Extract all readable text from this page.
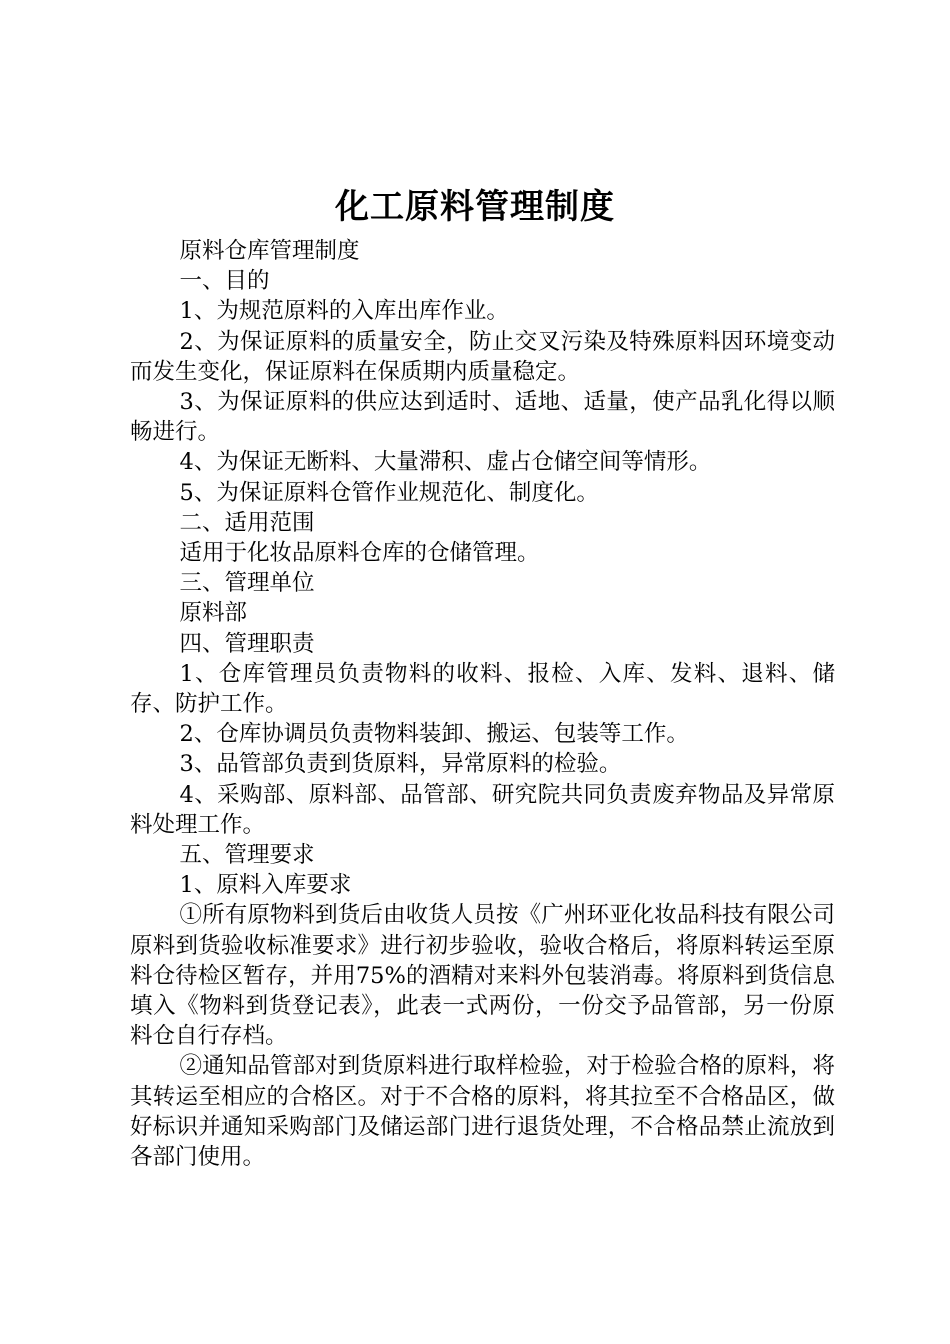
化工原料管理制度

原料仓库管理制度

一、目的

1、为规范原料的入库出库作业。

2、为保证原料的质量安全，防止交叉污染及特殊原料因环境变动而发生变化，保证原料在保质期内质量稳定。

3、为保证原料的供应达到适时、适地、适量，使产品乳化得以顺畅进行。

4、为保证无断料、大量滞积、虚占仓储空间等情形。

5、为保证原料仓管作业规范化、制度化。

二、适用范围

适用于化妆品原料仓库的仓储管理。

三、管理单位

原料部

四、管理职责

1、仓库管理员负责物料的收料、报检、入库、发料、退料、储存、防护工作。

2、仓库协调员负责物料装卸、搬运、包装等工作。

3、品管部负责到货原料，异常原料的检验。

4、采购部、原料部、品管部、研究院共同负责废弃物品及异常原料处理工作。

五、管理要求

1、原料入库要求

①所有原物料到货后由收货人员按《广州环亚化妆品科技有限公司原料到货验收标准要求》进行初步验收，验收合格后，将原料转运至原料仓待检区暂存，并用75%的酒精对来料外包装消毒。将原料到货信息填入《物料到货登记表》，此表一式两份，一份交予品管部，另一份原料仓自行存档。

②通知品管部对到货原料进行取样检验，对于检验合格的原料，将其转运至相应的合格区。对于不合格的原料，将其拉至不合格品区，做好标识并通知采购部门及储运部门进行退货处理，不合格品禁止流放到各部门使用。
